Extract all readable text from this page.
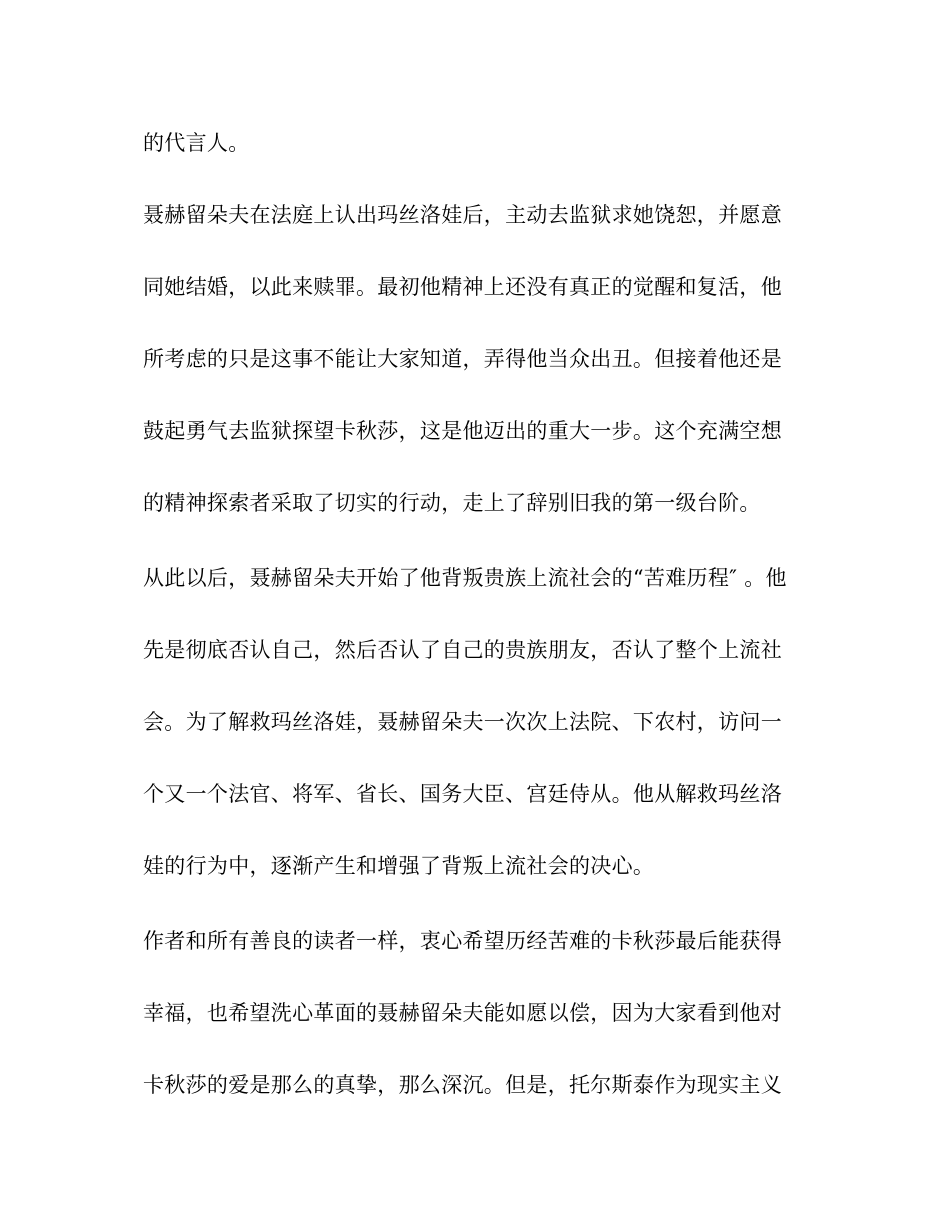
的代言人。
聂赫留朵夫在法庭上认出玛丝洛娃后，主动去监狱求她饶恕，并愿意
同她结婚，以此来赎罪。最初他精神上还没有真正的觉醒和复活，他
所考虑的只是这事不能让大家知道，弄得他当众出丑。但接着他还是
鼓起勇气去监狱探望卡秋莎，这是他迈出的重大一步。这个充满空想
的精神探索者采取了切实的行动，走上了辞别旧我的第一级台阶。
从此以后，聂赫留朵夫开始了他背叛贵族上流社会的“苦难历程″ 。他
先是彻底否认自己，然后否认了自己的贵族朋友，否认了整个上流社
会。为了解救玛丝洛娃，聂赫留朵夫一次次上法院、下农村，访问一
个又一个法官、将军、省长、国务大臣、宫廷侍从。他从解救玛丝洛
娃的行为中，逐渐产生和增强了背叛上流社会的决心。
作者和所有善良的读者一样，衷心希望历经苦难的卡秋莎最后能获得
幸福，也希望洗心革面的聂赫留朵夫能如愿以偿，因为大家看到他对
卡秋莎的爱是那么的真挚，那么深沉。但是，托尔斯泰作为现实主义
